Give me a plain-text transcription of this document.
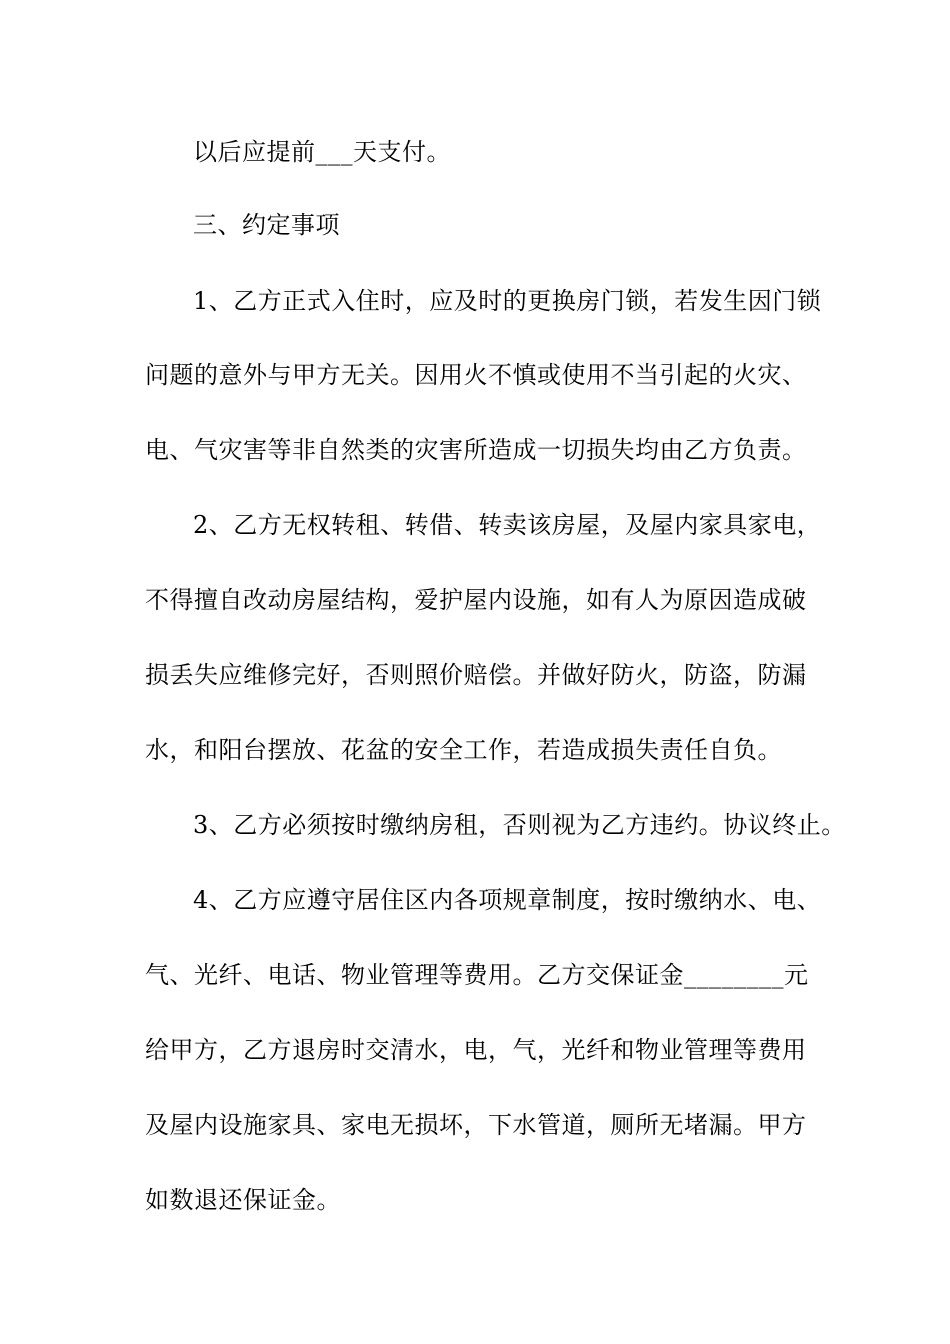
以后应提前___天支付。
三、约定事项
1、乙方正式入住时，应及时的更换房门锁，若发生因门锁
问题的意外与甲方无关。因用火不慎或使用不当引起的火灾、
电、气灾害等非自然类的灾害所造成一切损失均由乙方负责。
2、乙方无权转租、转借、转卖该房屋，及屋内家具家电，
不得擅自改动房屋结构，爱护屋内设施，如有人为原因造成破
损丢失应维修完好，否则照价赔偿。并做好防火，防盗，防漏
水，和阳台摆放、花盆的安全工作，若造成损失责任自负。
3、乙方必须按时缴纳房租，否则视为乙方违约。协议终止。
4、乙方应遵守居住区内各项规章制度，按时缴纳水、电、
气、光纤、电话、物业管理等费用。乙方交保证金________元
给甲方，乙方退房时交清水，电，气，光纤和物业管理等费用
及屋内设施家具、家电无损坏，下水管道，厕所无堵漏。甲方
如数退还保证金。
